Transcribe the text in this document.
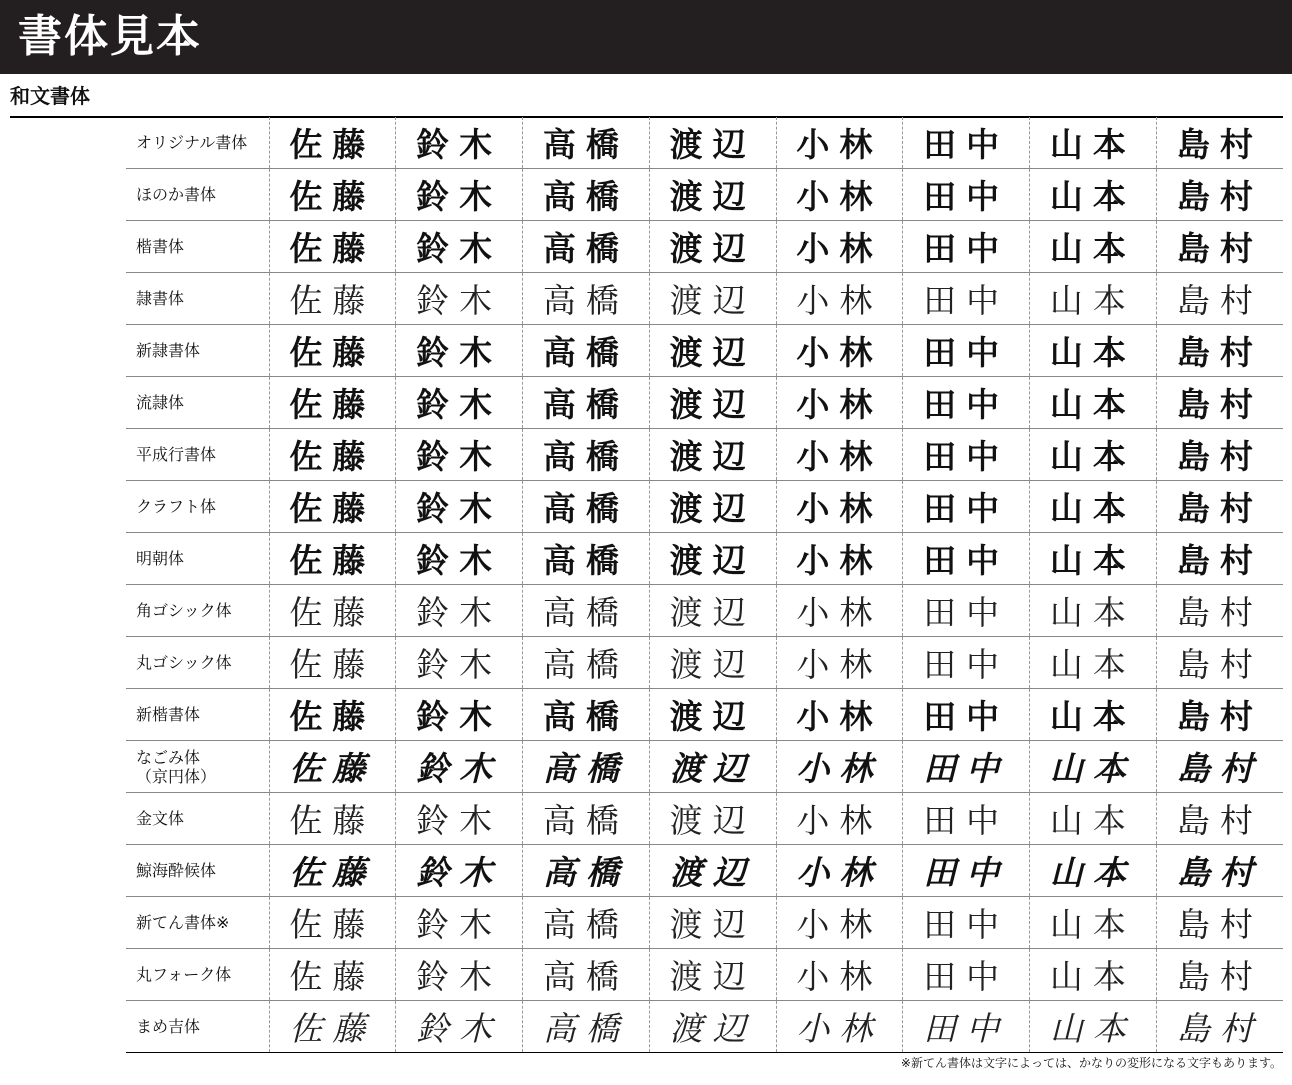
書体見本
和文書体
オリジナル書体	佐藤	鈴木	高橋	渡辺	小林	田中	山本	島村
ほのか書体	佐藤	鈴木	高橋	渡辺	小林	田中	山本	島村
楷書体	佐藤	鈴木	高橋	渡辺	小林	田中	山本	島村
隷書体	佐藤	鈴木	高橋	渡辺	小林	田中	山本	島村
新隷書体	佐藤	鈴木	高橋	渡辺	小林	田中	山本	島村
流隷体	佐藤	鈴木	高橋	渡辺	小林	田中	山本	島村
平成行書体	佐藤	鈴木	高橋	渡辺	小林	田中	山本	島村
クラフト体	佐藤	鈴木	高橋	渡辺	小林	田中	山本	島村
明朝体	佐藤	鈴木	高橋	渡辺	小林	田中	山本	島村
角ゴシック体	佐藤	鈴木	高橋	渡辺	小林	田中	山本	島村
丸ゴシック体	佐藤	鈴木	高橋	渡辺	小林	田中	山本	島村
新楷書体	佐藤	鈴木	高橋	渡辺	小林	田中	山本	島村
なごみ体
（京円体）	佐藤	鈴木	高橋	渡辺	小林	田中	山本	島村
金文体	佐藤	鈴木	高橋	渡辺	小林	田中	山本	島村
鯨海酔候体	佐藤	鈴木	高橋	渡辺	小林	田中	山本	島村
新てん書体※	佐藤	鈴木	高橋	渡辺	小林	田中	山本	島村
丸フォーク体	佐藤	鈴木	高橋	渡辺	小林	田中	山本	島村
まめ吉体	佐藤	鈴木	高橋	渡辺	小林	田中	山本	島村
※新てん書体は文字によっては、かなりの変形になる文字もあります。
